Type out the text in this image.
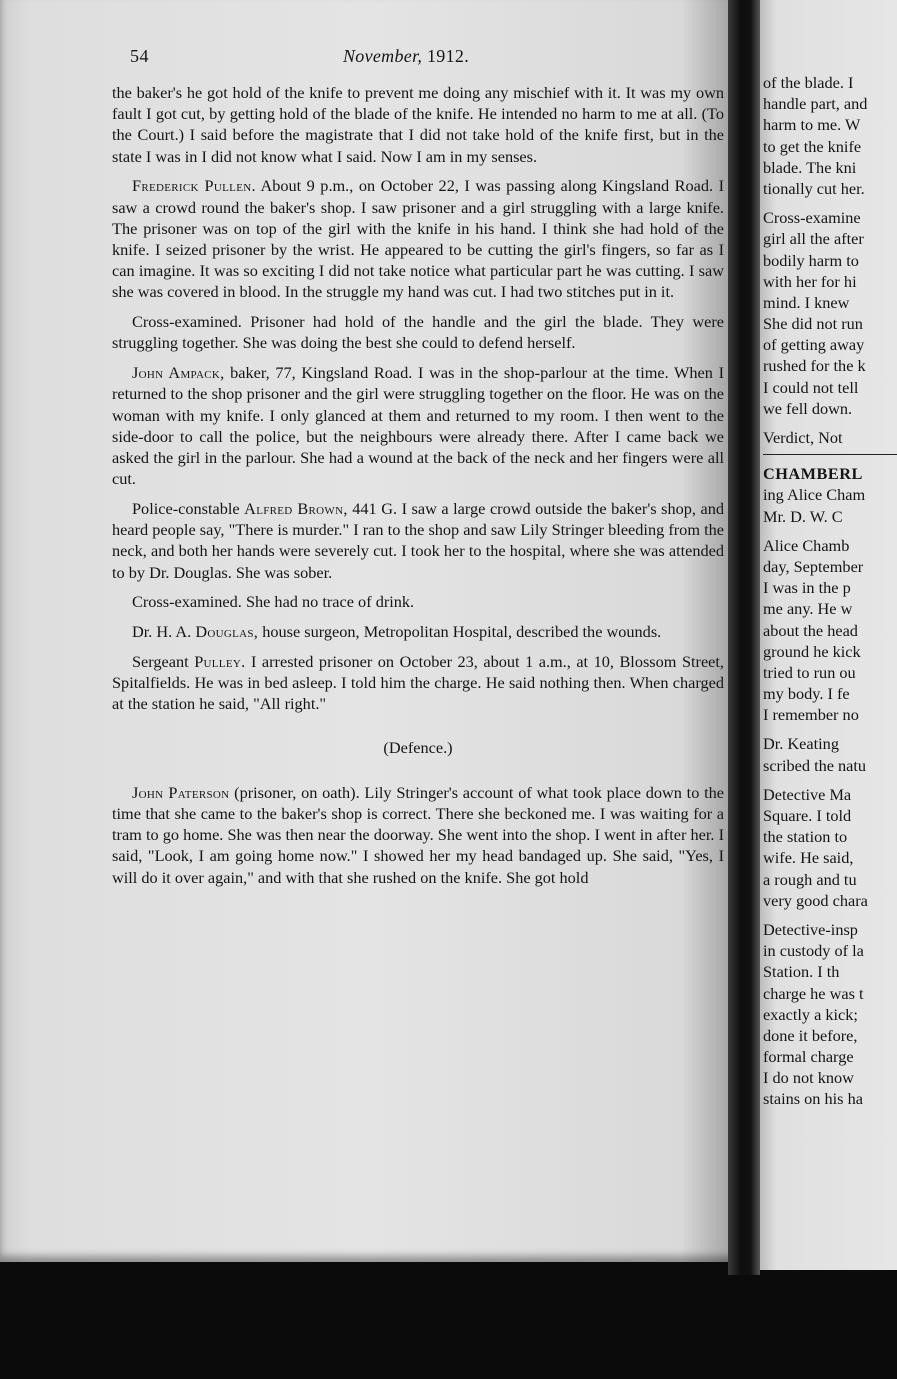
54	November, 1912.

the baker's he got hold of the knife to prevent me doing any mischief with it. It was my own fault I got cut, by getting hold of the blade of the knife. He intended no harm to me at all. (To the Court.) I said before the magistrate that I did not take hold of the knife first, but in the state I was in I did not know what I said. Now I am in my senses.

Frederick Pullen. About 9 p.m., on October 22, I was passing along Kingsland Road. I saw a crowd round the baker's shop. I saw prisoner and a girl struggling with a large knife. The prisoner was on top of the girl with the knife in his hand. I think she had hold of the knife. I seized prisoner by the wrist. He appeared to be cutting the girl's fingers, so far as I can imagine. It was so exciting I did not take notice what particular part he was cutting. I saw she was covered in blood. In the struggle my hand was cut. I had two stitches put in it.

Cross-examined. Prisoner had hold of the handle and the girl the blade. They were struggling together. She was doing the best she could to defend herself.

John Ampack, baker, 77, Kingsland Road. I was in the shop-parlour at the time. When I returned to the shop prisoner and the girl were struggling together on the floor. He was on the woman with my knife. I only glanced at them and returned to my room. I then went to the side-door to call the police, but the neighbours were already there. After I came back we asked the girl in the parlour. She had a wound at the back of the neck and her fingers were all cut.

Police-constable Alfred Brown, 441 G. I saw a large crowd outside the baker's shop, and heard people say, "There is murder." I ran to the shop and saw Lily Stringer bleeding from the neck, and both her hands were severely cut. I took her to the hospital, where she was attended to by Dr. Douglas. She was sober.

Cross-examined. She had no trace of drink.

Dr. H. A. Douglas, house surgeon, Metropolitan Hospital, described the wounds.

Sergeant Pulley. I arrested prisoner on October 23, about 1 a.m., at 10, Blossom Street, Spitalfields. He was in bed asleep. I told him the charge. He said nothing then. When charged at the station he said, "All right."

(Defence.)

John Paterson (prisoner, on oath). Lily Stringer's account of what took place down to the time that she came to the baker's shop is correct. There she beckoned me. I was waiting for a tram to go home. She was then near the doorway. She went into the shop. I went in after her. I said, "Look, I am going home now." I showed her my head bandaged up. She said, "Yes, I will do it over again," and with that she rushed on the knife. She got hold

of the blade. I
handle part, and
harm to me. W
to get the knife
blade. The kni
tionally cut her.
Cross-examine
girl all the after
bodily harm to
with her for hi
mind. I knew
She did not run
of getting away
rushed for the k
I could not tell
we fell down.
Verdict, Not
CHAMBERL
ing Alice Cham
Mr. D. W. C
Alice Chamb
day, September
I was in the p
me any. He w
about the head
ground he kick
tried to run ou
my body. I fe
I remember no
Dr. Keating
scribed the natu
Detective Ma
Square. I told
the station to
wife. He said,
a rough and tu
very good chara
Detective-insp
in custody of la
Station. I th
charge he was t
exactly a kick;
done it before,
formal charge
I do not know
stains on his ha
